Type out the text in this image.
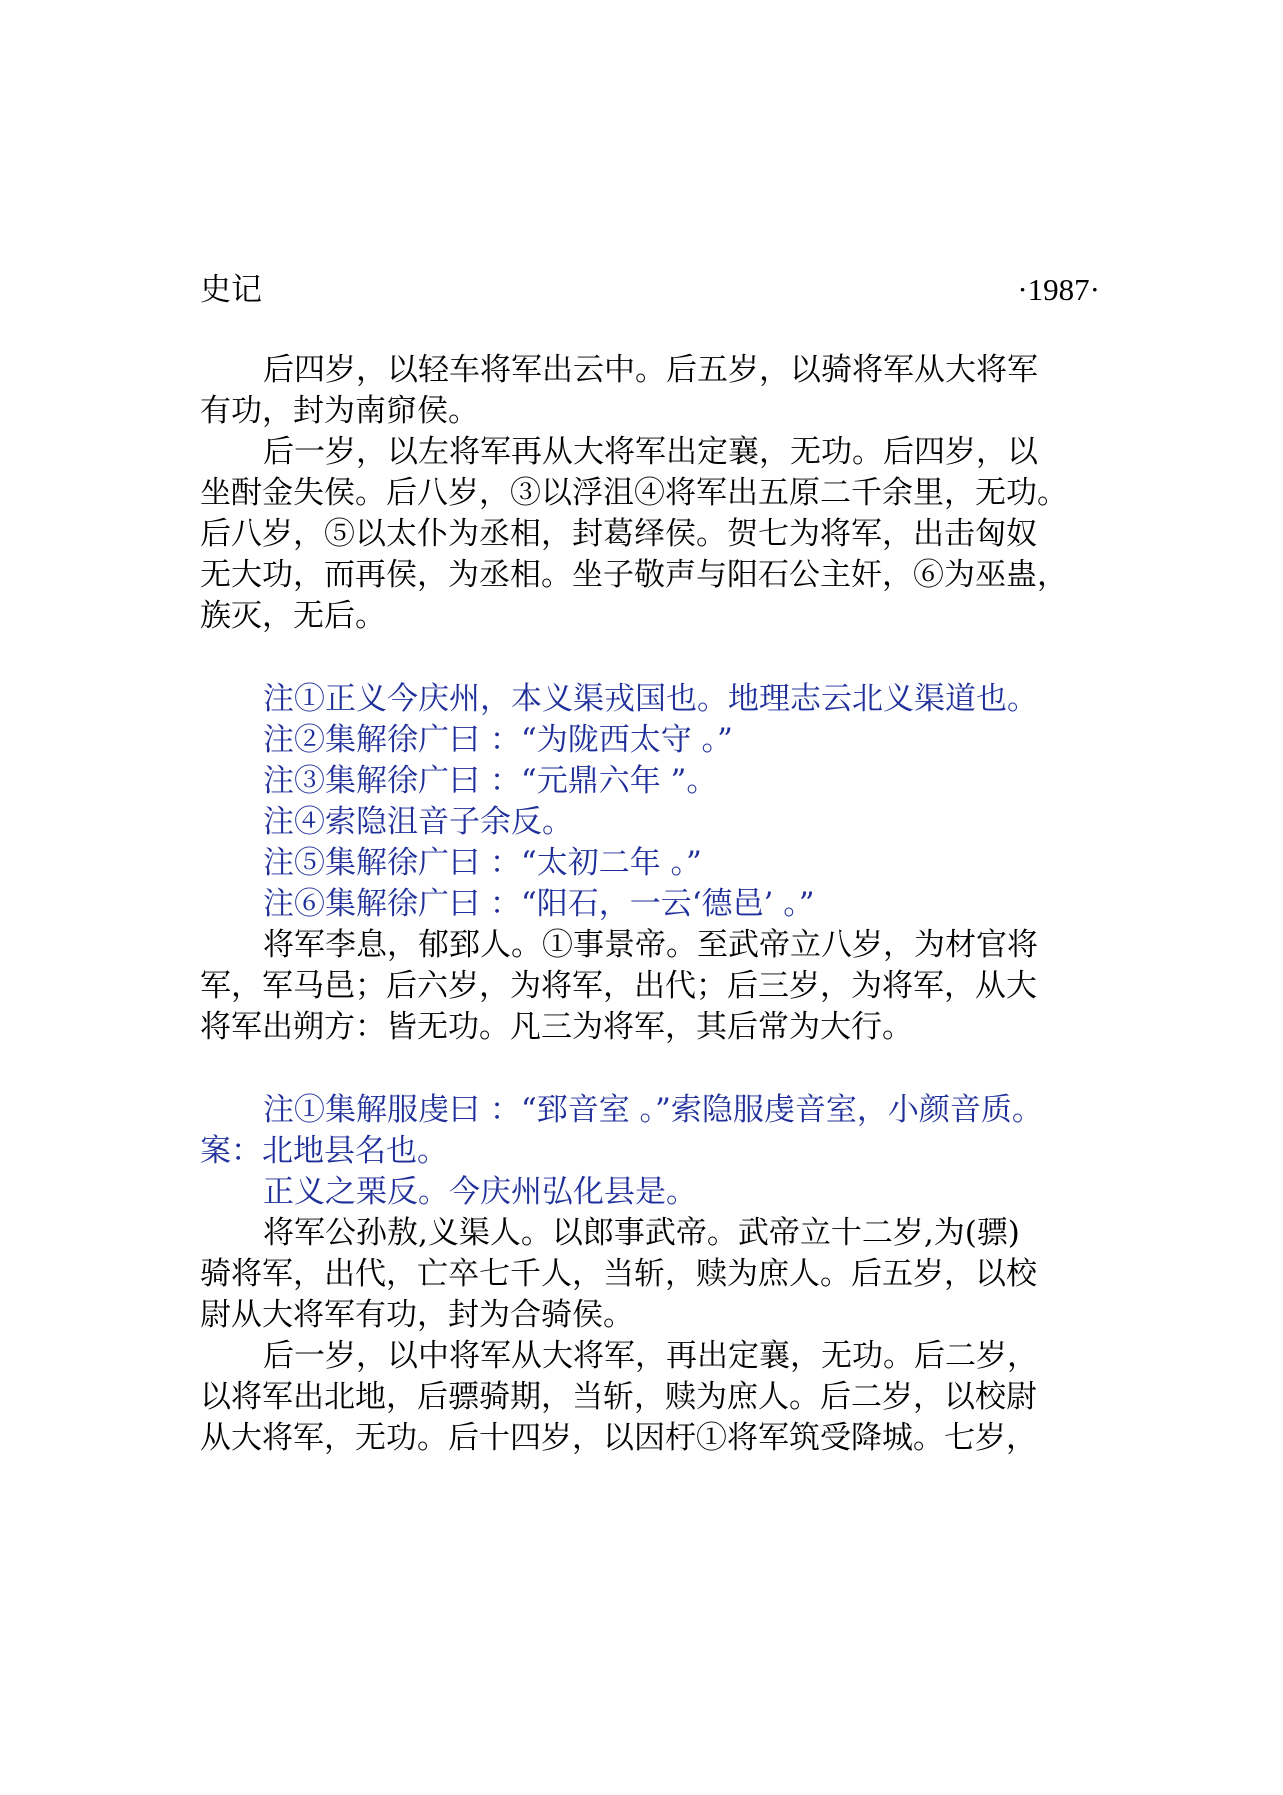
史记	·1987·
后四岁，以轻车将军出云中。后五岁，以骑将军从大将军
有功，封为南窌侯。
后一岁，以左将军再从大将军出定襄，无功。后四岁，以
坐酎金失侯。后八岁，③以浮沮④将军出五原二千余里，无功。
后八岁，⑤以太仆为丞相，封葛绎侯。贺七为将军，出击匈奴
无大功，而再侯，为丞相。坐子敬声与阳石公主奸，⑥为巫蛊，
族灭，无后。
注①正义今庆州，本义渠戎国也。地理志云北义渠道也。
注②集解徐广曰 ：“为陇西太守 。”
注③集解徐广曰 ：“元鼎六年 ”。
注④索隐沮音子余反。
注⑤集解徐广曰 ：“太初二年 。”
注⑥集解徐广曰 ：“阳石，一云‘德邑’ 。”
将军李息，郁郅人。①事景帝。至武帝立八岁，为材官将
军，军马邑；后六岁，为将军，出代；后三岁，为将军，从大
将军出朔方：皆无功。凡三为将军，其后常为大行。
注①集解服虔曰 ：“郅音室 。”索隐服虔音室，小颜音质。
案：北地县名也。
正义之栗反。今庆州弘化县是。
将军公孙敖,义渠人。以郎事武帝。武帝立十二岁,为(骠)
骑将军，出代，亡卒七千人，当斩，赎为庶人。后五岁，以校
尉从大将军有功，封为合骑侯。
后一岁，以中将军从大将军，再出定襄，无功。后二岁，
以将军出北地，后骠骑期，当斩，赎为庶人。后二岁，以校尉
从大将军，无功。后十四岁，以因杅①将军筑受降城。七岁，
